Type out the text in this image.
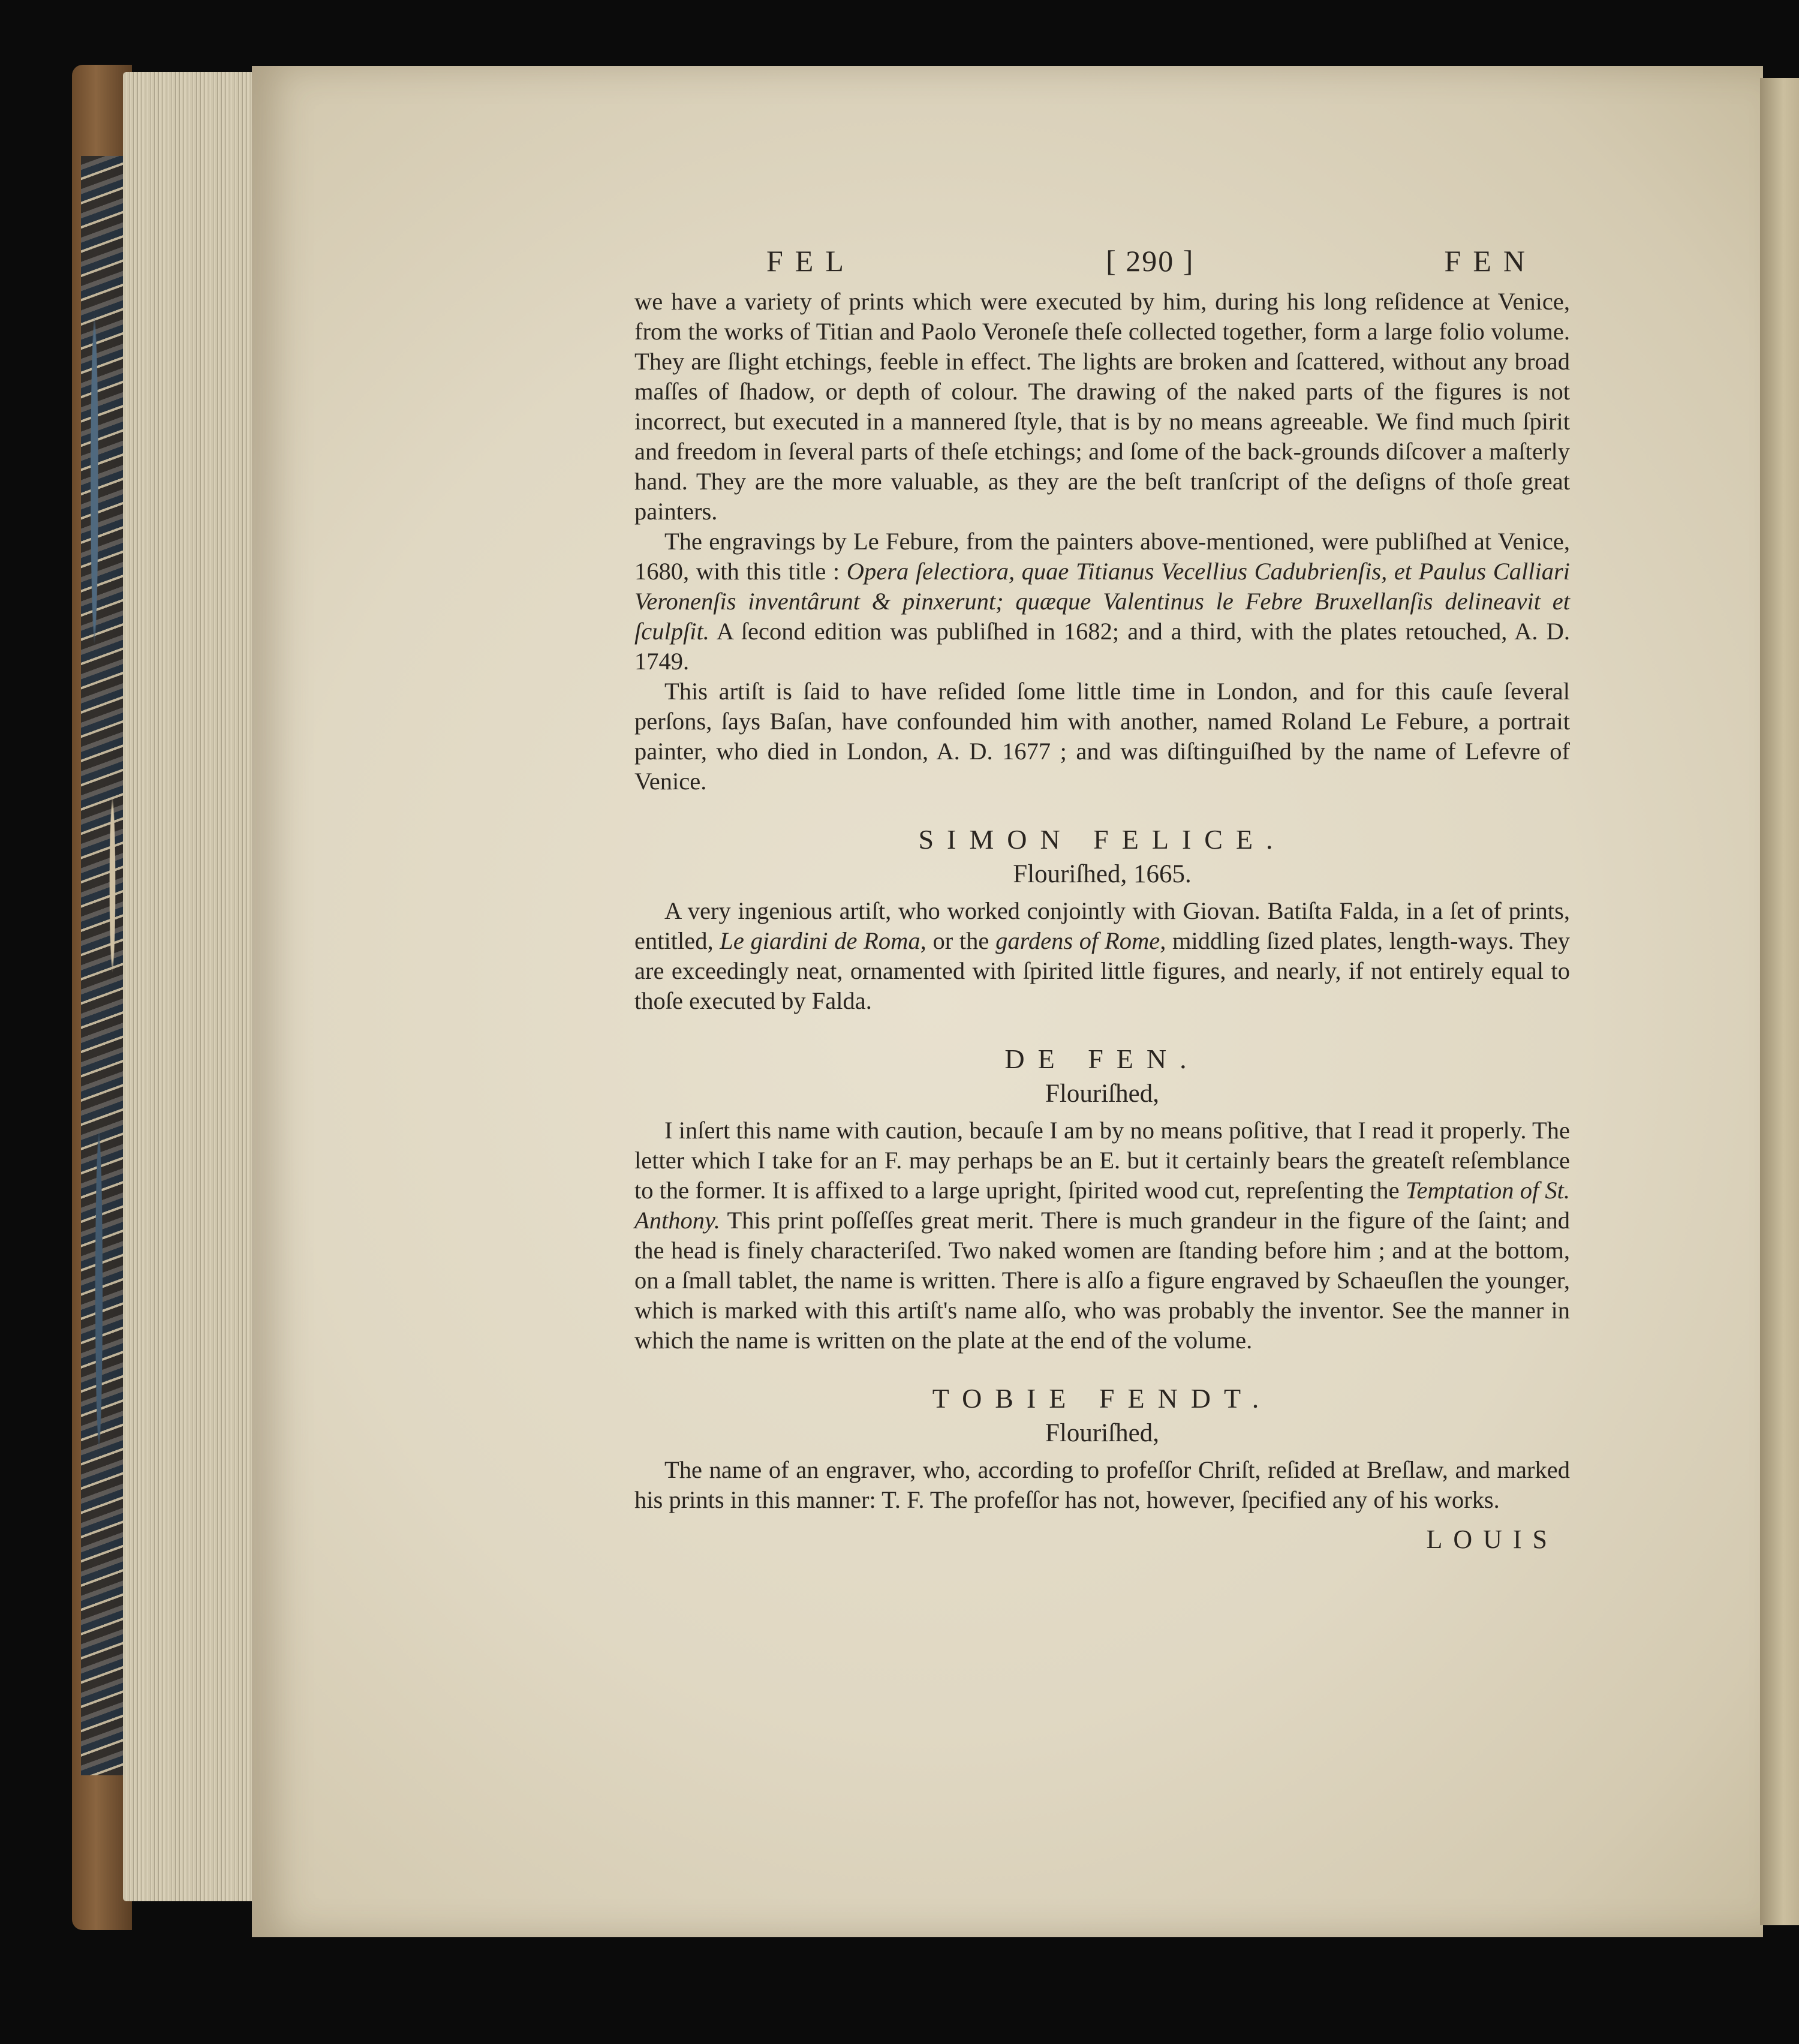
FEL	[ 290 ]	FEN

we have a variety of prints which were executed by him, during his long reſidence at Venice, from the works of Titian and Paolo Veroneſe theſe collected together, form a large folio volume. They are ſlight etchings, feeble in effect. The lights are broken and ſcattered, without any broad maſſes of ſhadow, or depth of colour. The drawing of the naked parts of the figures is not incorrect, but executed in a mannered ſtyle, that is by no means agreeable. We find much ſpirit and freedom in ſeveral parts of theſe etchings; and ſome of the back-grounds diſcover a maſterly hand. They are the more valuable, as they are the beſt tranſcript of the deſigns of thoſe great painters.

The engravings by Le Febure, from the painters above-mentioned, were publiſhed at Venice, 1680, with this title : Opera ſelectiora, quae Titianus Vecellius Cadubrienſis, et Paulus Calliari Veronenſis inventârunt & pinxerunt; quæque Valentinus le Febre Bruxellanſis delineavit et ſculpſit. A ſecond edition was publiſhed in 1682; and a third, with the plates retouched, A. D. 1749.

This artiſt is ſaid to have reſided ſome little time in London, and for this cauſe ſeveral perſons, ſays Baſan, have confounded him with another, named Roland Le Febure, a portrait painter, who died in London, A. D. 1677 ; and was diſtinguiſhed by the name of Lefevre of Venice.

SIMON FELICE.
Flouriſhed, 1665.

A very ingenious artiſt, who worked conjointly with Giovan. Batiſta Falda, in a ſet of prints, entitled, Le giardini de Roma, or the gardens of Rome, middling ſized plates, length-ways. They are exceedingly neat, ornamented with ſpirited little figures, and nearly, if not entirely equal to thoſe executed by Falda.

DE FEN.
Flouriſhed,

I inſert this name with caution, becauſe I am by no means poſitive, that I read it properly. The letter which I take for an F. may perhaps be an E. but it certainly bears the greateſt reſemblance to the former. It is affixed to a large upright, ſpirited wood cut, repreſenting the Temptation of St. Anthony. This print poſſeſſes great merit. There is much grandeur in the figure of the ſaint; and the head is finely characteriſed. Two naked women are ſtanding before him ; and at the bottom, on a ſmall tablet, the name is written. There is alſo a figure engraved by Schaeuſlen the younger, which is marked with this artiſt's name alſo, who was probably the inventor. See the manner in which the name is written on the plate at the end of the volume.

TOBIE FENDT.
Flouriſhed,

The name of an engraver, who, according to profeſſor Chriſt, reſided at Breſlaw, and marked his prints in this manner: T. F. The profeſſor has not, however, ſpecified any of his works.

LOUIS
